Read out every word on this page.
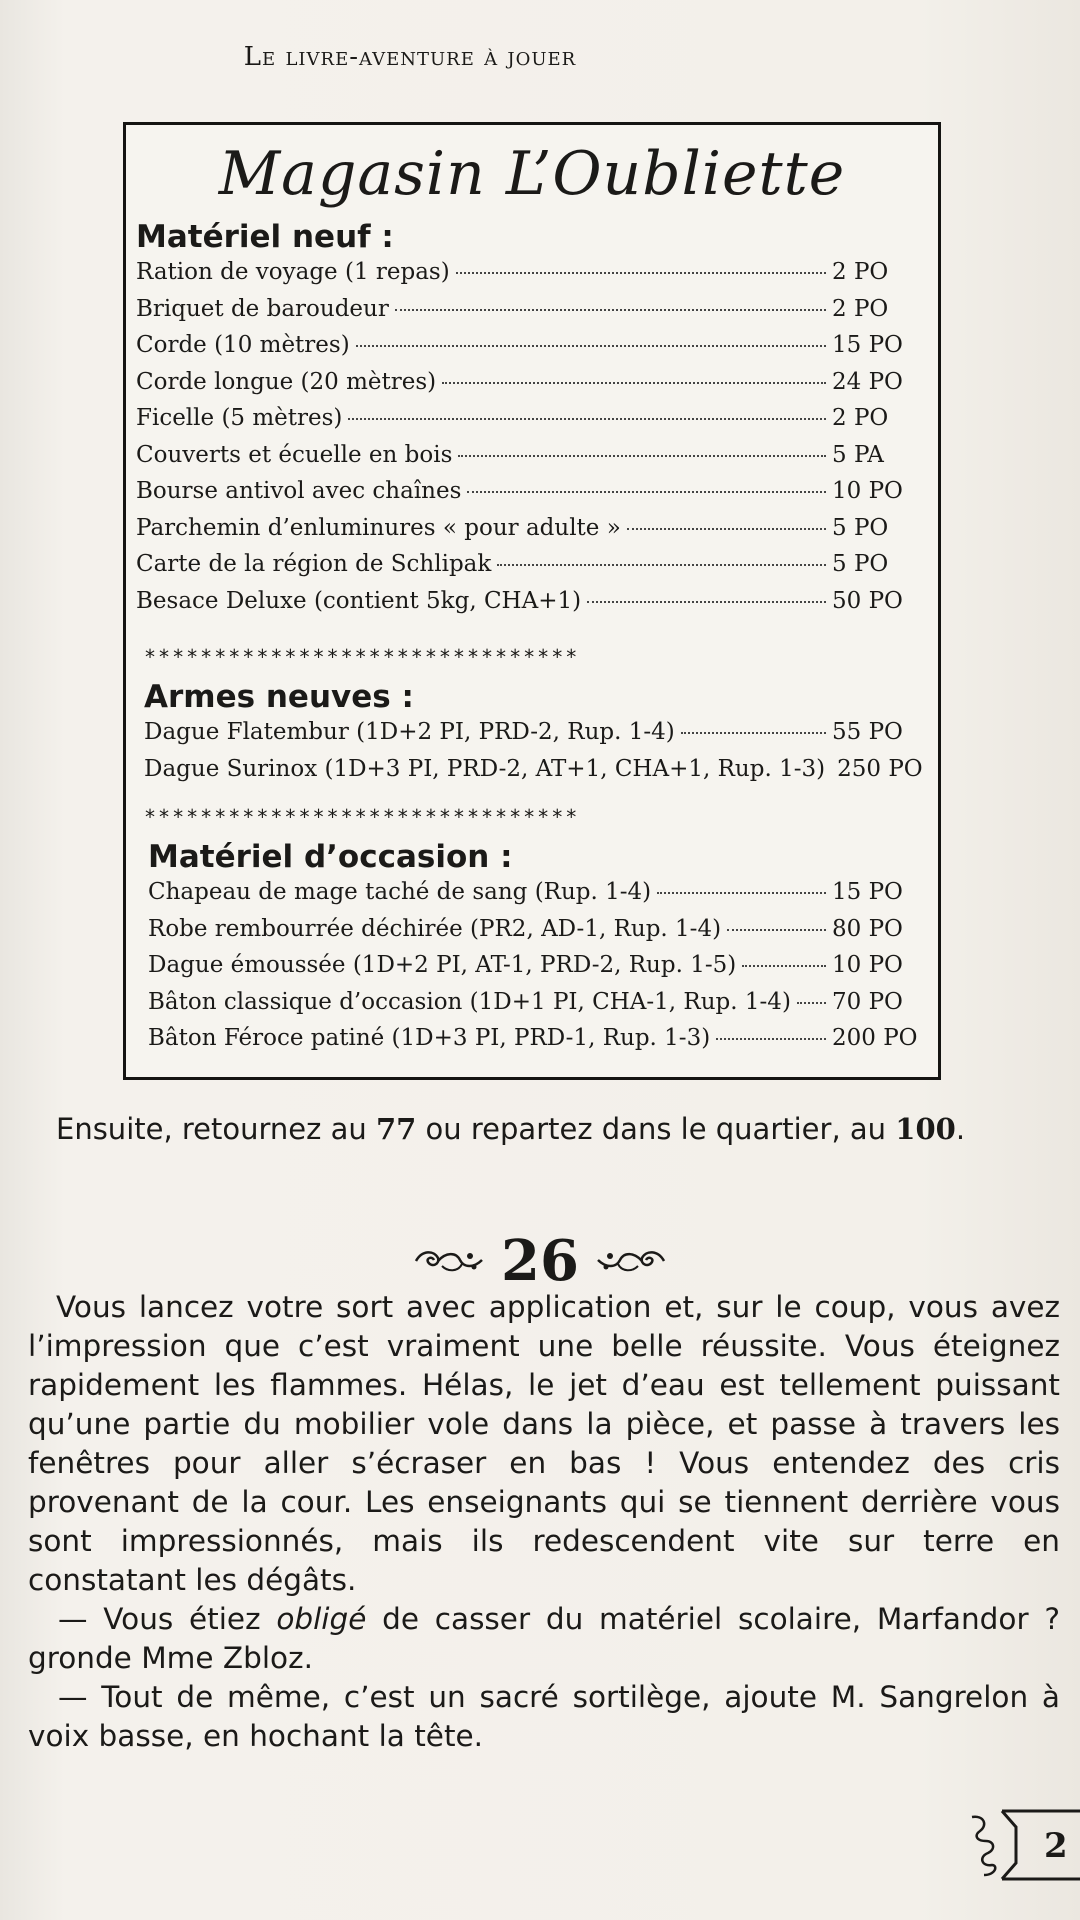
Le livre-aventure à jouer
Magasin L’Oubliette
Matériel neuf :
Ration de voyage (1 repas)	2 PO
Briquet de baroudeur	2 PO
Corde (10 mètres)	15 PO
Corde longue (20 mètres)	24 PO
Ficelle (5 mètres)	2 PO
Couverts et écuelle en bois	5 PA
Bourse antivol avec chaînes	10 PO
Parchemin d’enluminures « pour adulte »	5 PO
Carte de la région de Schlipak	5 PO
Besace Deluxe (contient 5kg, CHA+1)	50 PO
*******************************
Armes neuves :
Dague Flatembur (1D+2 PI, PRD-2, Rup. 1-4)	55 PO
Dague Surinox (1D+3 PI, PRD-2, AT+1, CHA+1, Rup. 1-3) 250 PO
*******************************
Matériel d’occasion :
Chapeau de mage taché de sang (Rup. 1-4)	15 PO
Robe rembourrée déchirée (PR2, AD-1, Rup. 1-4)	80 PO
Dague émoussée (1D+2 PI, AT-1, PRD-2, Rup. 1-5)	10 PO
Bâton classique d’occasion (1D+1 PI, CHA-1, Rup. 1-4) 70 PO
Bâton Féroce patiné (1D+3 PI, PRD-1, Rup. 1-3)	200 PO
Ensuite, retournez au 77 ou repartez dans le quartier, au 100.
26

Vous lancez votre sort avec application et, sur le coup, vous avez l’impression que c’est vraiment une belle réussite. Vous éteignez rapidement les flammes. Hélas, le jet d’eau est tellement puissant qu’une partie du mobilier vole dans la pièce, et passe à travers les fenêtres pour aller s’écraser en bas ! Vous entendez des cris provenant de la cour. Les enseignants qui se tiennent derrière vous sont impressionnés, mais ils redescendent vite sur terre en constatant les dégâts.

— Vous étiez obligé de casser du matériel scolaire, Marfandor ? gronde Mme Zbloz.

— Tout de même, c’est un sacré sortilège, ajoute M. Sangrelon à voix basse, en hochant la tête.

2
